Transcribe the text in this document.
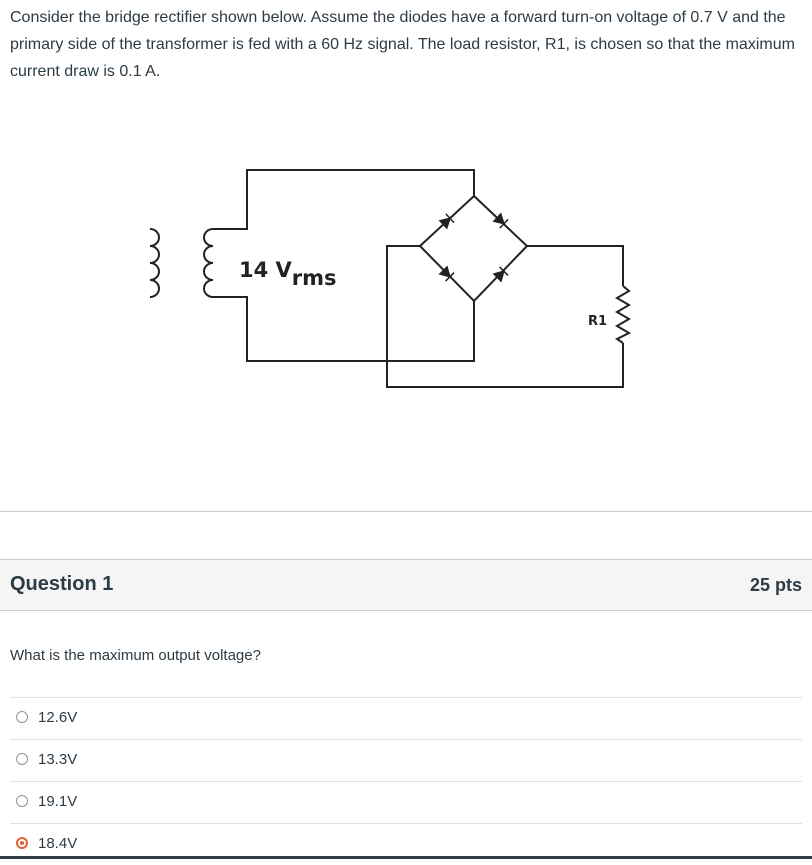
Consider the bridge rectifier shown below. Assume the diodes have a forward turn-on voltage of 0.7 V and the primary side of the transformer is fed with a 60 Hz signal. The load resistor, R1, is chosen so that the maximum current draw is 0.1 A.

14 Vrms
R1
Question 1	25 pts
What is the maximum output voltage?
12.6V
13.3V
19.1V
18.4V
